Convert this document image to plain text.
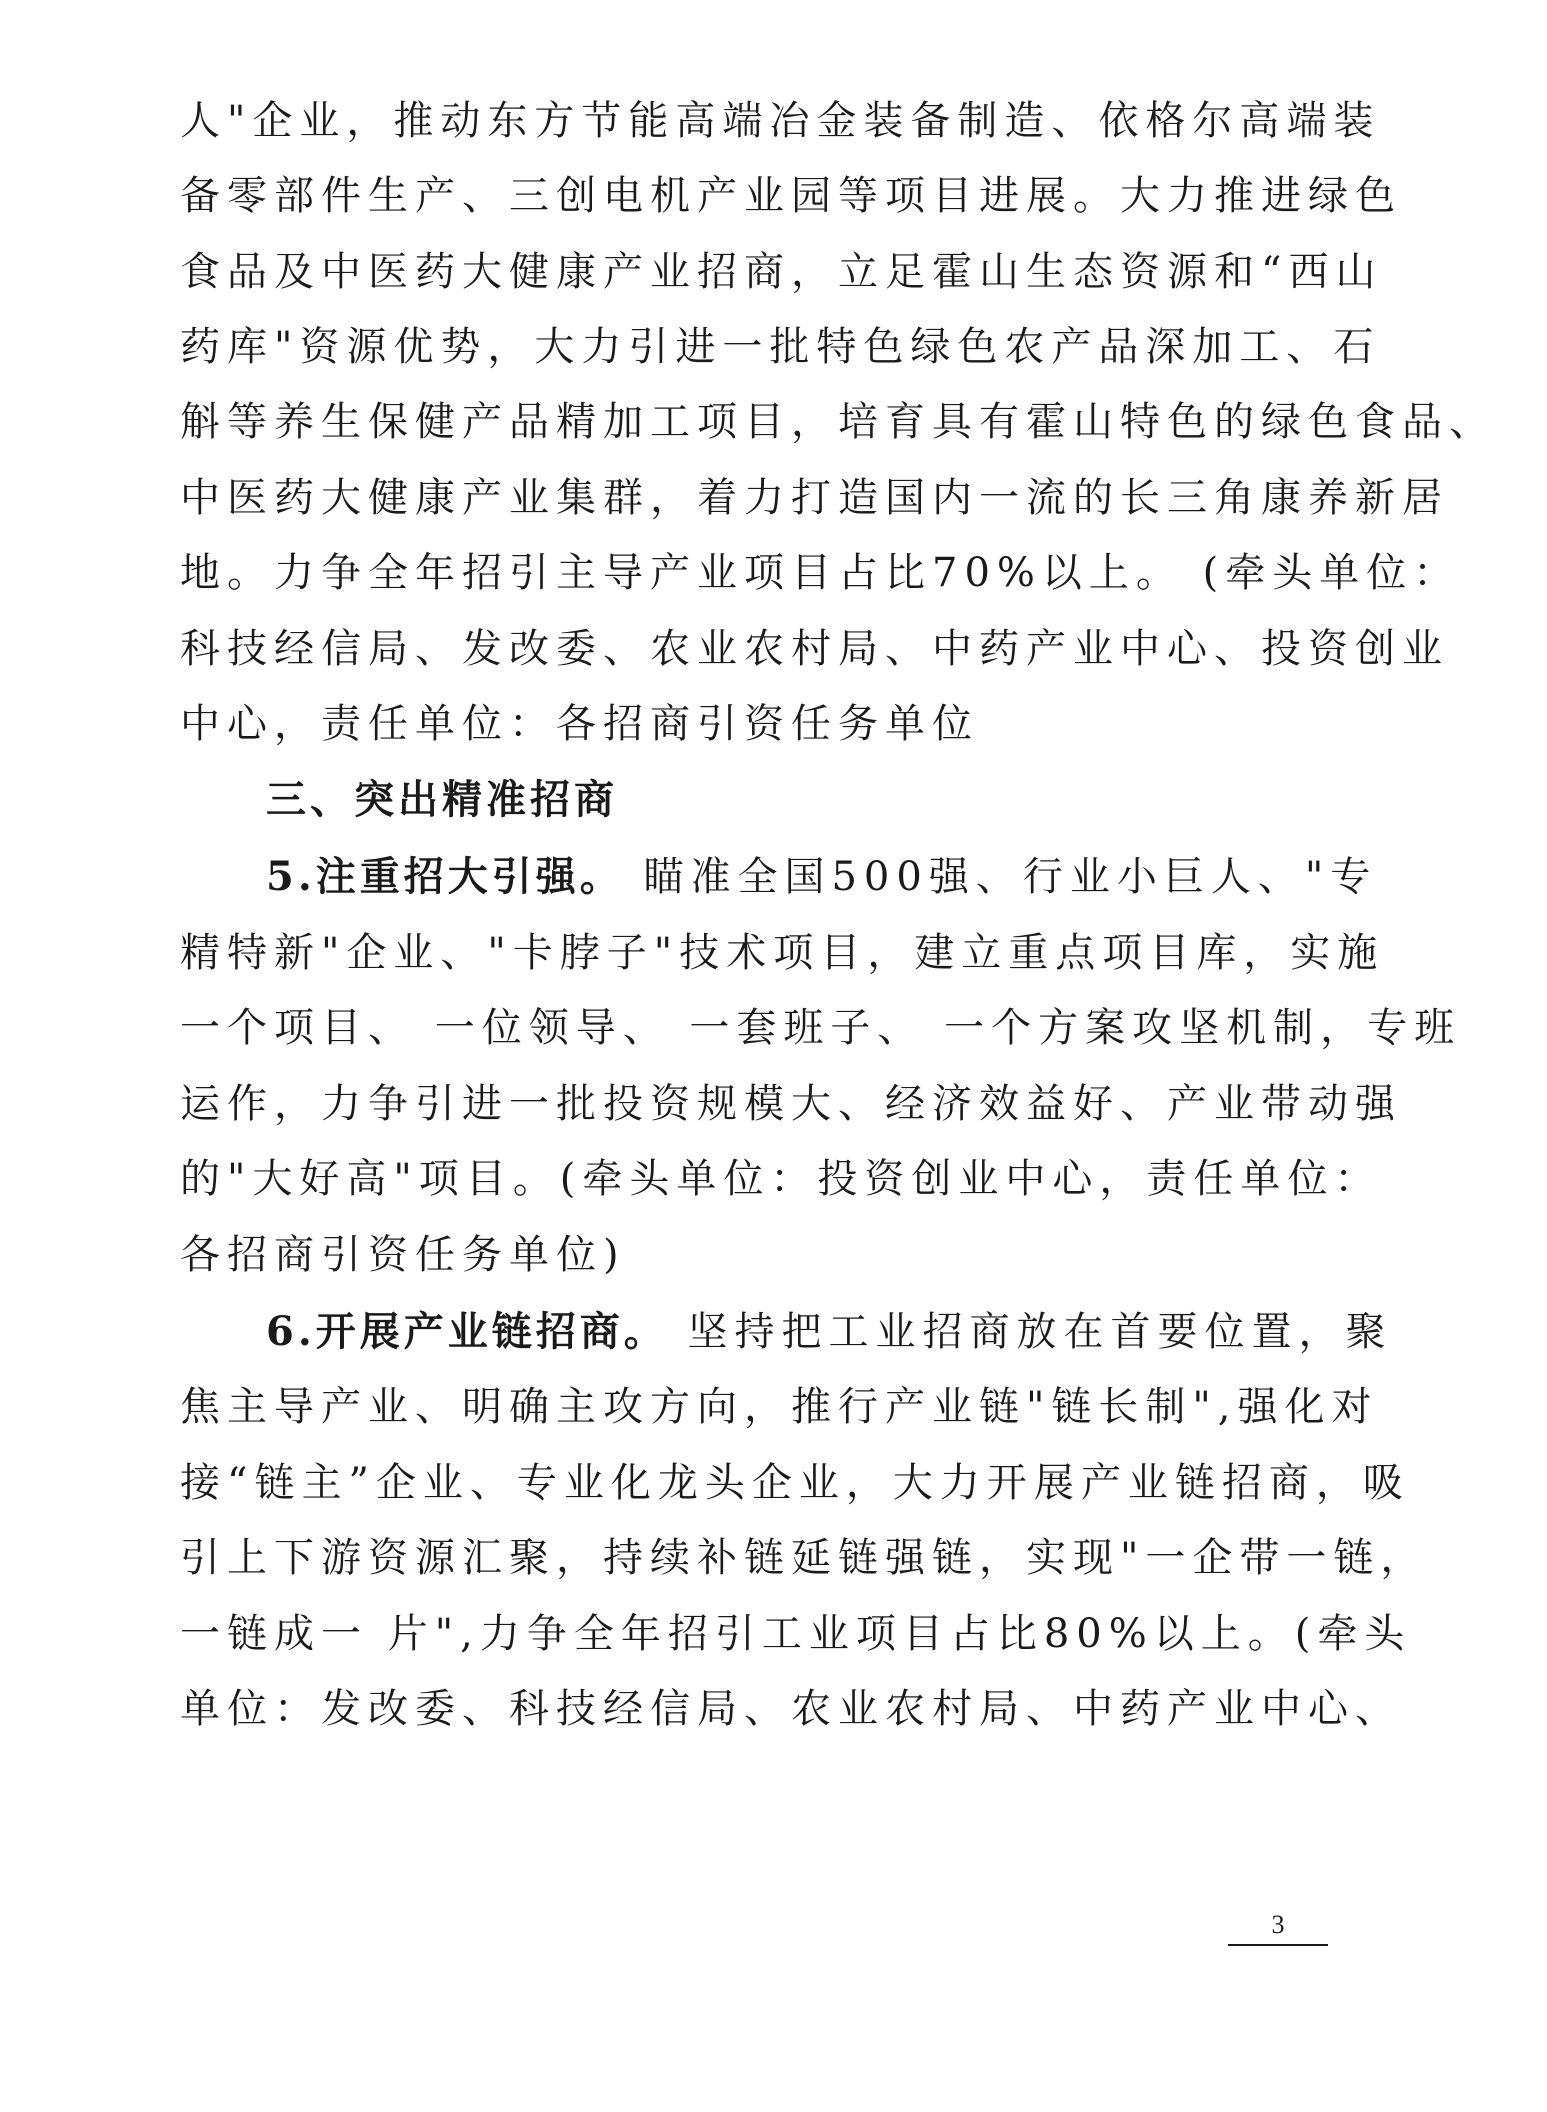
人"企业，推动东方节能高端冶金装备制造、依格尔高端装
备零部件生产、三创电机产业园等项目进展。大力推进绿色
食品及中医药大健康产业招商，立足霍山生态资源和“西山
药库"资源优势，大力引进一批特色绿色农产品深加工、石
斛等养生保健产品精加工项目，培育具有霍山特色的绿色食品、
中医药大健康产业集群，着力打造国内一流的长三角康养新居
地。力争全年招引主导产业项目占比70%以上。 (牵头单位：
科技经信局、发改委、农业农村局、中药产业中心、投资创业
中心，责任单位：各招商引资任务单位
三、突出精准招商
5.注重招大引强。 瞄准全国500强、行业小巨人、"专
精特新"企业、"卡脖子"技术项目，建立重点项目库，实施
一个项目、 一位领导、 一套班子、 一个方案攻坚机制，专班
运作，力争引进一批投资规模大、经济效益好、产业带动强
的"大好高"项目。(牵头单位：投资创业中心，责任单位：
各招商引资任务单位)
6.开展产业链招商。 坚持把工业招商放在首要位置，聚
焦主导产业、明确主攻方向，推行产业链"链长制",强化对
接“链主”企业、专业化龙头企业，大力开展产业链招商，吸
引上下游资源汇聚，持续补链延链强链，实现"一企带一链，
一链成一 片",力争全年招引工业项目占比80%以上。(牵头
单位：发改委、科技经信局、农业农村局、中药产业中心、
3
